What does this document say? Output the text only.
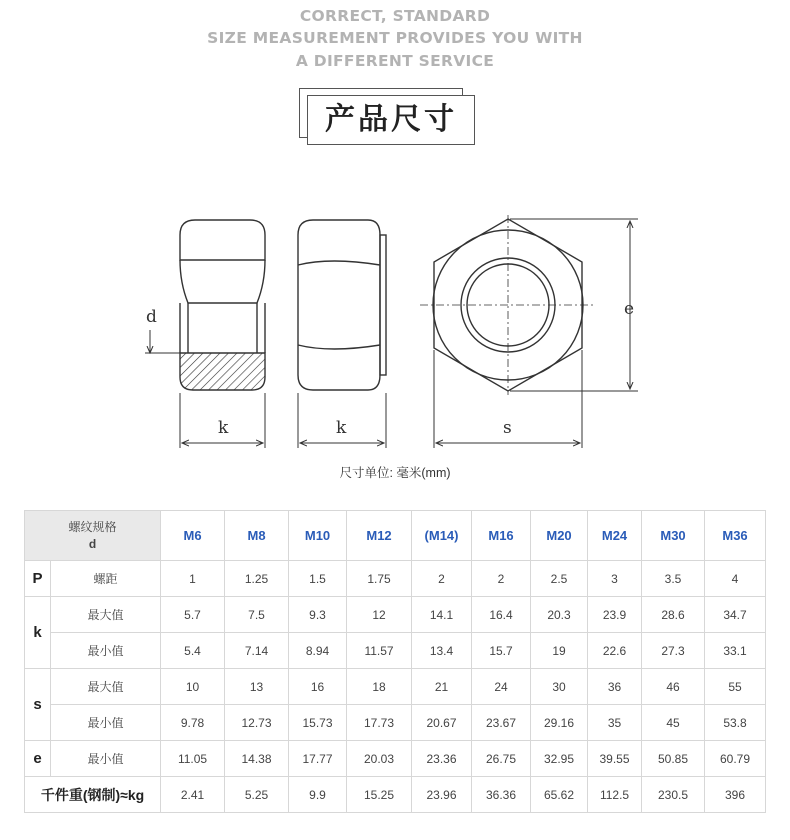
CORRECT, STANDARD
SIZE MEASUREMENT PROVIDES YOU WITH
A DIFFERENT SERVICE
产品尺寸
d
k	k	s
e
尺寸单位: 毫米(mm)
螺纹规格
d		M6	M8	M10	M12	(M14)	M16	M20	M24	M30	M36
P	螺距	1	1.25	1.5	1.75	2	2	2.5	3	3.5	4
k	最大值	5.7	7.5	9.3	12	14.1	16.4	20.3	23.9	28.6	34.7
	最小值	5.4	7.14	8.94	11.57	13.4	15.7	19	22.6	27.3	33.1
s	最大值	10	13	16	18	21	24	30	36	46	55
	最小值	9.78	12.73	15.73	17.73	20.67	23.67	29.16	35	45	53.8
e	最小值	11.05	14.38	17.77	20.03	23.36	26.75	32.95	39.55	50.85	60.79
千件重(钢制)≈kg		2.41	5.25	9.9	15.25	23.96	36.36	65.62	112.5	230.5	396
